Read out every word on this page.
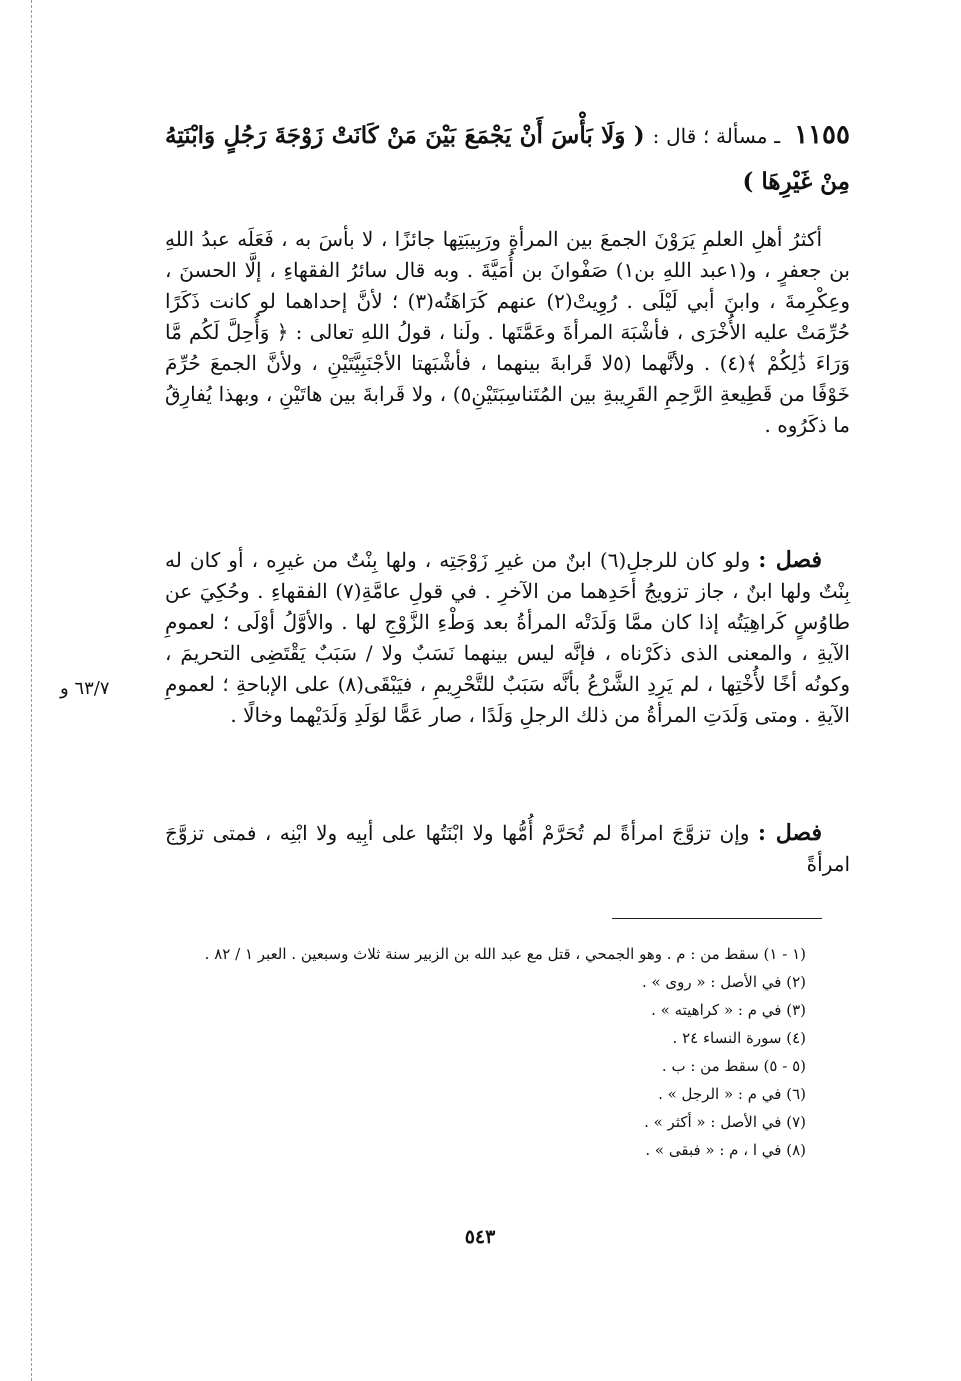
١١٥٥ ـ مسألة ؛ قال : ( وَلَا بَأْسَ أَنْ يَجْمَعَ بَيْنَ مَنْ كَانَتْ زَوْجَةَ رَجُلٍ وَابْنَتِهُ مِنْ غَيْرِهَا )
أكثرُ أهلِ العلمِ يَرَوْنَ الجمعَ بين المرأةِ ورَبِيبَتِها جائزًا ، لا بأسَ به ، فَعَلَه عبدُ اللهِ بن جعفرٍ ، و(١عبد اللهِ بن١) صَفْوانَ بن أُمَيَّةَ . وبه قال سائرُ الفقهاءِ ، إلَّا الحسنَ ، وعِكْرِمةَ ، وابنَ أبي لَيْلَى . رُوِيتْ(٢) عنهم كَرَاهَتُه(٣) ؛ لأنَّ إحداهما لو كانت ذَكَرًا حُرِّمَتْ عليه الأُخْرَى ، فأشْبَهَ المرأةَ وعَمَّتَها . ولَنا ، قولُ اللهِ تعالى : ﴿ وَأُحِلَّ لَكُم مَّا وَرَاءَ ذَٰلِكُمْ ﴾(٤) . ولأنَّهما (٥لا قَرابةَ بينهما ، فأشْبَهتا الأجْنَبِيَّتَيْنِ ، ولأنَّ الجمعَ حُرِّمَ خَوْفًا من قَطِيعةِ الرَّحِمِ القَرِيبةِ بين المُتَناسِبَتَيْنِ٥) ، ولا قَرابةَ بين هاتَيْنِ ، وبهذا يُفارِقُ ما ذكَرُوه .
فصل : ولو كان للرجلِ(٦) ابنٌ من غيرِ زَوْجَتِه ، ولها بِنْتٌ من غيرِه ، أو كان له بِنْتٌ ولها ابنٌ ، جاز تزويجُ أحَدِهما من الآخرِ . في قولِ عامَّةِ(٧) الفقهاءِ . وحُكِيَ عن طاوُسٍ كَراهِيَتُه إذا كان ممَّا وَلَدَتْه المرأةُ بعد وَطْءِ الزَّوْجِ لها . والأوَّلُ أوْلَى ؛ لعمومِ الآيةِ ، والمعنى الذى ذكَرْناه ، فإنَّه ليس بينهما نَسَبٌ ولا / سَبَبٌ يَقْتَضِى التحريمَ ، وكونُه أخًا لأُخْتِها ، لم يَرِدِ الشَّرْعُ بأنَّه سَبَبٌ للتَّحْرِيمِ ، فيَبْقَى(٨) على الإباحةِ ؛ لعمومِ الآيةِ . ومتى وَلَدَتِ المرأةُ من ذلك الرجلِ وَلَدًا ، صار عَمًّا لوَلَدِ وَلَدَيْهما وخالًا .
فصل : وإن تزوَّجَ امرأةً لم تُحَرَّمْ أُمُّها ولا ابْنَتُها على أبِيه ولا ابْنِه ، فمتى تزوَّجَ امرأةً
٦٣/٧ و
(١ - ١) سقط من : م . وهو الجمحي ، قتل مع عبد الله بن الزبير سنة ثلاث وسبعين . العبر ١ / ٨٢ .
(٢) في الأصل : « روى » .
(٣) في م : « كراهيته » .
(٤) سورة النساء ٢٤ .
(٥ - ٥) سقط من : ب .
(٦) في م : « الرجل » .
(٧) في الأصل : « أكثر » .
(٨) في ا ، م : « فبقى » .
٥٤٣
